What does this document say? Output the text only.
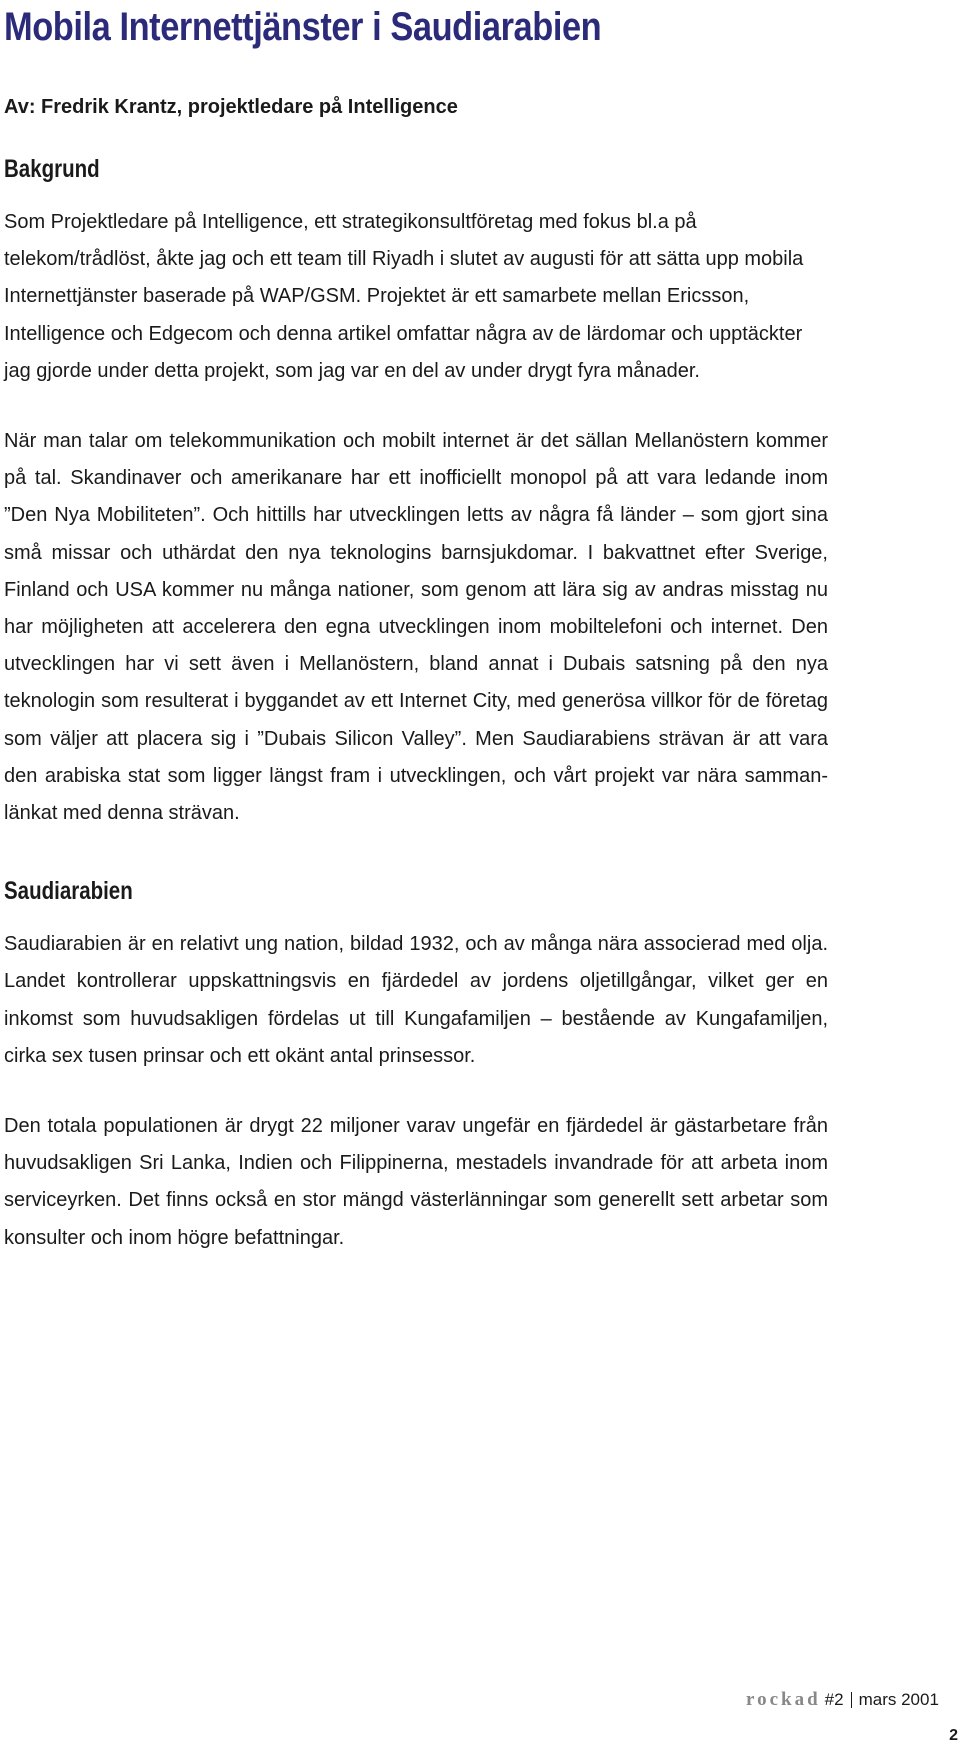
Mobila Internettjänster i Saudiarabien

Av: Fredrik Krantz, projektledare på Intelligence

Bakgrund

Som Projektledare på Intelligence, ett strategikonsultföretag med fokus bl.a på telekom/trådlöst, åkte jag och ett team till Riyadh i slutet av augusti för att sätta upp mobila Internettjänster baserade på WAP/GSM. Projektet är ett samarbete mellan Ericsson, Intelligence och Edgecom och denna artikel omfattar några av de lärdomar och upptäckter jag gjorde under detta projekt, som jag var en del av under drygt fyra månader.

När man talar om telekommunikation och mobilt internet är det sällan Mellanöstern kommer på tal. Skandinaver och amerikanare har ett inofficiellt monopol på att vara ledande inom ”Den Nya Mobiliteten”. Och hittills har utvecklingen letts av några få länder – som gjort sina små missar och uthärdat den nya teknologins barnsjukdomar. I bakvattnet efter Sverige, Finland och USA kommer nu många nationer, som genom att lära sig av andras misstag nu har möjligheten att accelerera den egna utvecklingen inom mobiltelefoni och internet. Den utvecklingen har vi sett även i Mellanöstern, bland annat i Dubais satsning på den nya teknologin som resulterat i byggandet av ett Internet City, med generösa villkor för de företag som väljer att placera sig i ”Dubais Silicon Valley”. Men Saudiarabiens strävan är att vara den arabiska stat som ligger längst fram i utvecklingen, och vårt projekt var nära sammanlänkat med denna strävan.

Saudiarabien

Saudiarabien är en relativt ung nation, bildad 1932, och av många nära associerad med olja. Landet kontrollerar uppskattningsvis en fjärdedel av jordens oljetillgångar, vilket ger en inkomst som huvudsakligen fördelas ut till Kungafamiljen – bestående av Kungafamiljen, cirka sex tusen prinsar och ett okänt antal prinsessor.

Den totala populationen är drygt 22 miljoner varav ungefär en fjärdedel är gästarbetare från huvudsakligen Sri Lanka, Indien och Filippinerna, mestadels invandrade för att arbeta inom serviceyrken. Det finns också en stor mängd västerlänningar som generellt sett arbetar som konsulter och inom högre befattningar.

rockad #2 mars 2001
2
